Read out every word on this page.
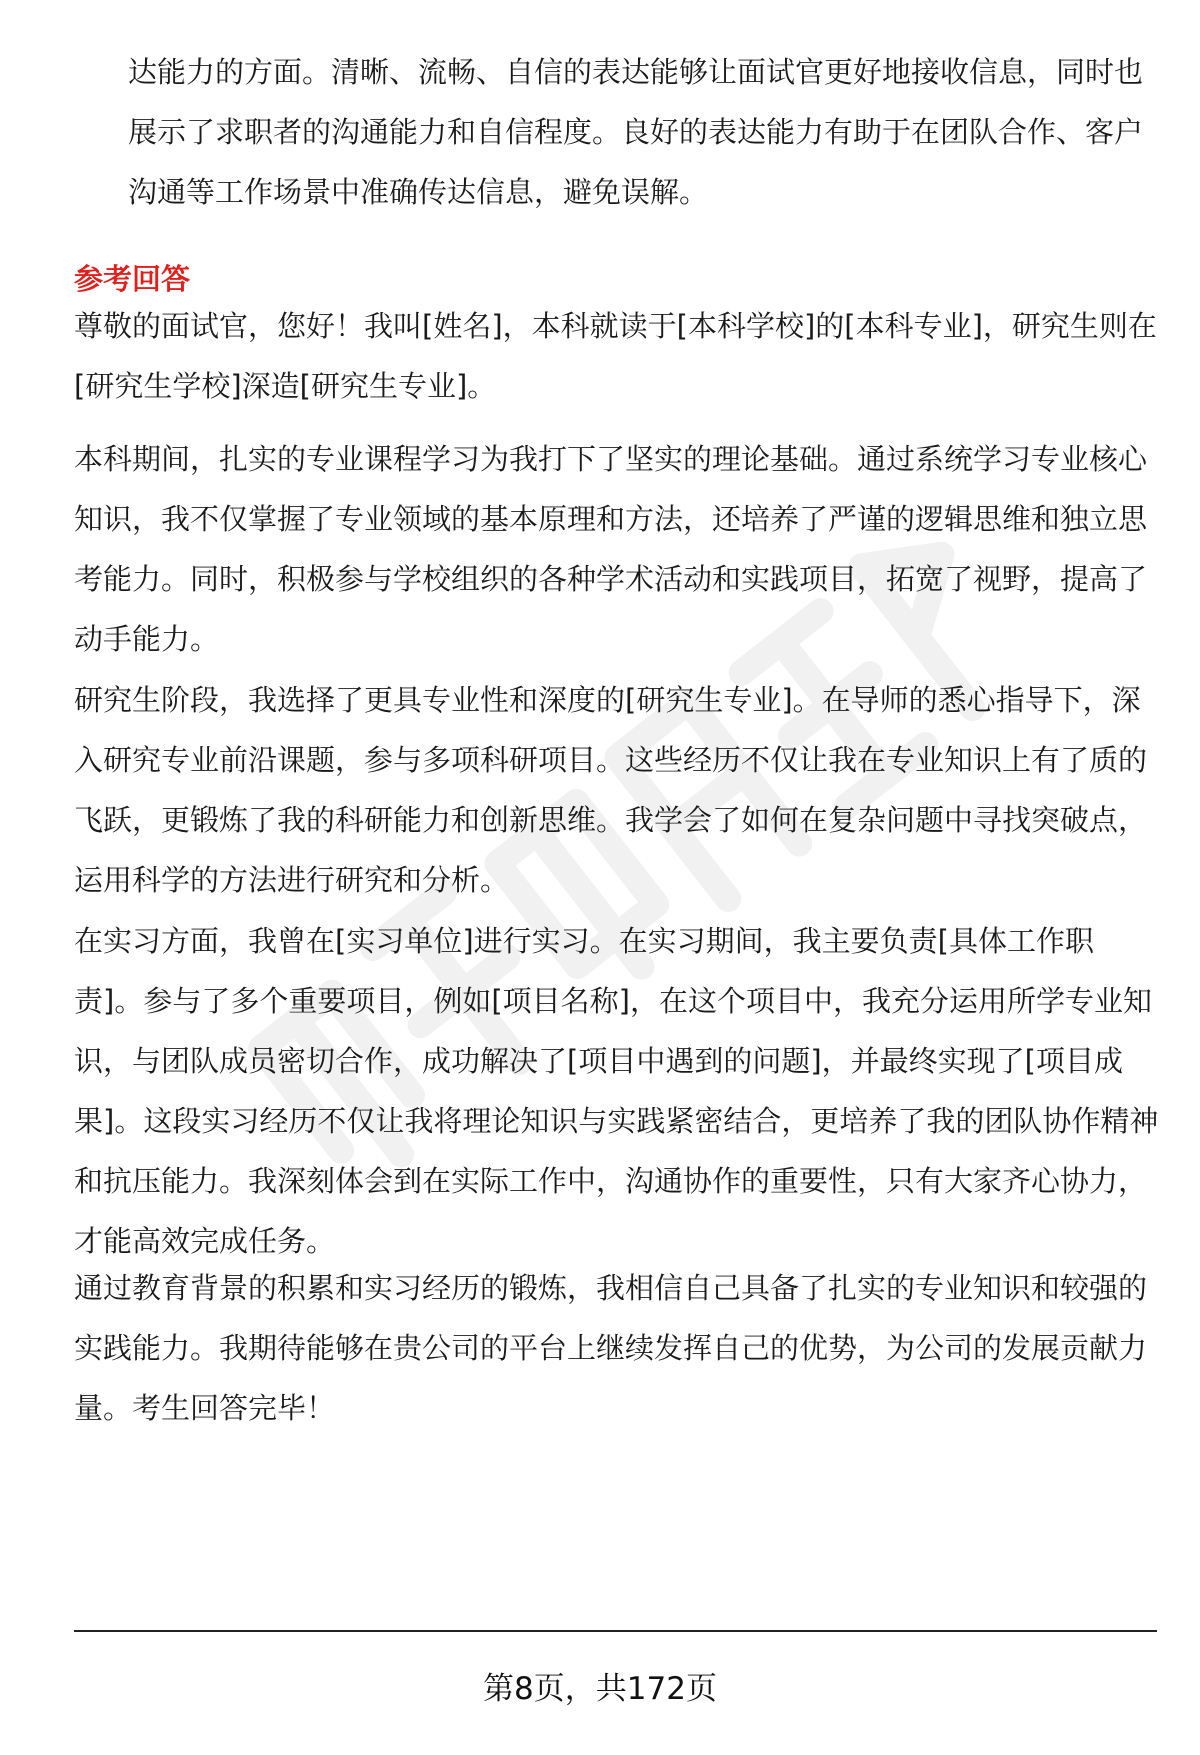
达能力的方面。清晰、流畅、自信的表达能够让面试官更好地接收信息，同时也展示了求职者的沟通能力和自信程度。良好的表达能力有助于在团队合作、客户沟通等工作场景中准确传达信息，避免误解。

参考回答

尊敬的面试官，您好！我叫[姓名]，本科就读于[本科学校]的[本科专业]，研究生则在[研究生学校]深造[研究生专业]。

本科期间，扎实的专业课程学习为我打下了坚实的理论基础。通过系统学习专业核心知识，我不仅掌握了专业领域的基本原理和方法，还培养了严谨的逻辑思维和独立思考能力。同时，积极参与学校组织的各种学术活动和实践项目，拓宽了视野，提高了动手能力。

研究生阶段，我选择了更具专业性和深度的[研究生专业]。在导师的悉心指导下，深入研究专业前沿课题，参与多项科研项目。这些经历不仅让我在专业知识上有了质的飞跃，更锻炼了我的科研能力和创新思维。我学会了如何在复杂问题中寻找突破点，运用科学的方法进行研究和分析。

在实习方面，我曾在[实习单位]进行实习。在实习期间，我主要负责[具体工作职责]。参与了多个重要项目，例如[项目名称]，在这个项目中，我充分运用所学专业知识，与团队成员密切合作，成功解决了[项目中遇到的问题]，并最终实现了[项目成果]。这段实习经历不仅让我将理论知识与实践紧密结合，更培养了我的团队协作精神和抗压能力。我深刻体会到在实际工作中，沟通协作的重要性，只有大家齐心协力，才能高效完成任务。

通过教育背景的积累和实习经历的锻炼，我相信自己具备了扎实的专业知识和较强的实践能力。我期待能够在贵公司的平台上继续发挥自己的优势，为公司的发展贡献力量。考生回答完毕！

第8页，共172页
